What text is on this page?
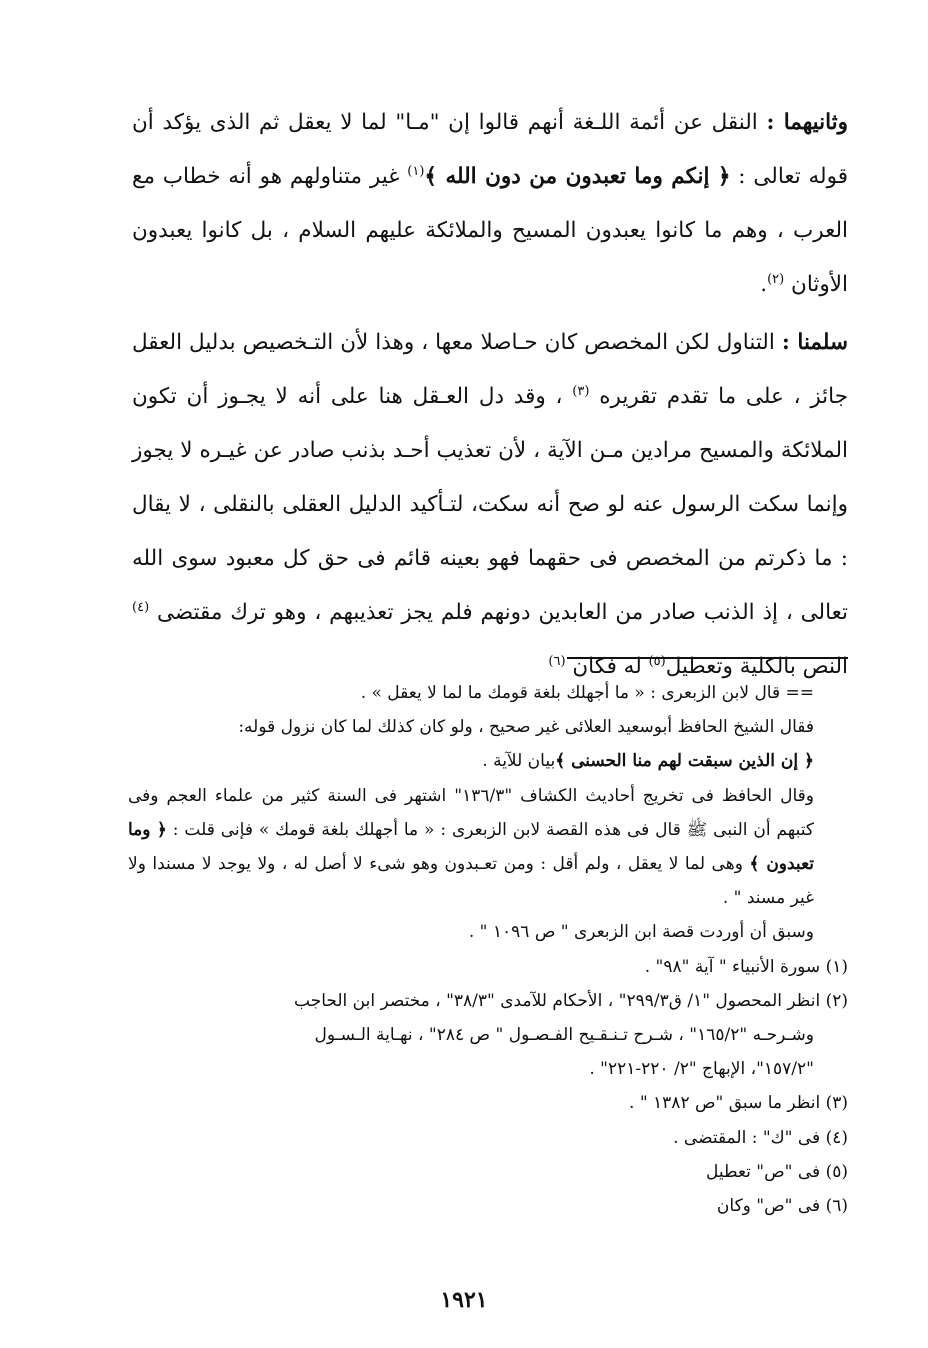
وثانيهما : النقل عن أئمة اللـغة أنهم قالوا إن "مـا" لما لا يعقل ثم الذى يؤكد أن قوله تعالى : ﴿ إنكم وما تعبدون من دون الله ﴾$^{(١)}$ غير متناولهم هو أنه خطاب مع العرب ، وهم ما كانوا يعبدون المسيح والملائكة عليهم السلام ، بل كانوا يعبدون الأوثان $^{(٢)}$.

سلمنا : التناول لكن المخصص كان حـاصلا معها ، وهذا لأن التـخصيص بدليل العقل جائز ، على ما تقدم تقريره $^{(٣)}$ ، وقد دل العـقل هنا على أنه لا يجـوز أن تكون الملائكة والمسيح مرادين مـن الآية ، لأن تعذيب أحـد بذنب صادر عن غيـره لا يجوز وإنما سكت الرسول عنه لو صح أنه سكت، لتـأكيد الدليل العقلى بالنقلى ، لا يقال : ما ذكرتم من المخصص فى حقهما فهو بعينه قائم فى حق كل معبود سوى الله تعالى ، إذ الذنب صادر من العابدين دونهم فلم يجز تعذيبهم ، وهو ترك مقتضى $^{(٤)}$ النص بالكلية وتعطيل$^{(٥)}$ له فكان $^{(٦)}$

== قال لابن الزبعرى : « ما أجهلك بلغة قومك ما لما لا يعقل » .

فقال الشيخ الحافظ أبوسعيد العلائى غير صحيح ، ولو كان كذلك لما كان نزول قوله:

﴿ إن الذين سبقت لهم منا الحسنى ﴾بيان للآية .

وقال الحافظ فى تخريج أحاديث الكشاف "١٣٦/٣" اشتهر فى السنة كثير من علماء العجم وفى كتبهم أن النبى ﷺ قال فى هذه القصة لابن الزبعرى : « ما أجهلك بلغة قومك » فإنى قلت : ﴿ وما تعبدون ﴾ وهى لما لا يعقل ، ولم أقل : ومن تعـبدون وهو شىء لا أصل له ، ولا يوجد لا مسندا ولا غير مسند " .

وسبق أن أوردت قصة ابن الزبعرى " ص ١٠٩٦ " .

(١) سورة الأنبياء " آية "٩٨" .

(٢) انظر المحصول "١/ ق٢٩٩/٣" ، الأحكام للآمدى "٣٨/٣" ، مختصر ابن الحاجب

وشـرحـه "١٦٥/٢" ، شـرح تـنـقـيح الفـصـول " ص ٢٨٤" ، نهـاية الـسـول

"١٥٧/٢"، الإبهاج "٢/ ٢٢٠-٢٢١" .

(٣) انظر ما سبق "ص ١٣٨٢ " .

(٤) فى "ك" : المقتضى .

(٥) فى "ص" تعطيل

(٦) فى "ص" وكان

١٩٢١
